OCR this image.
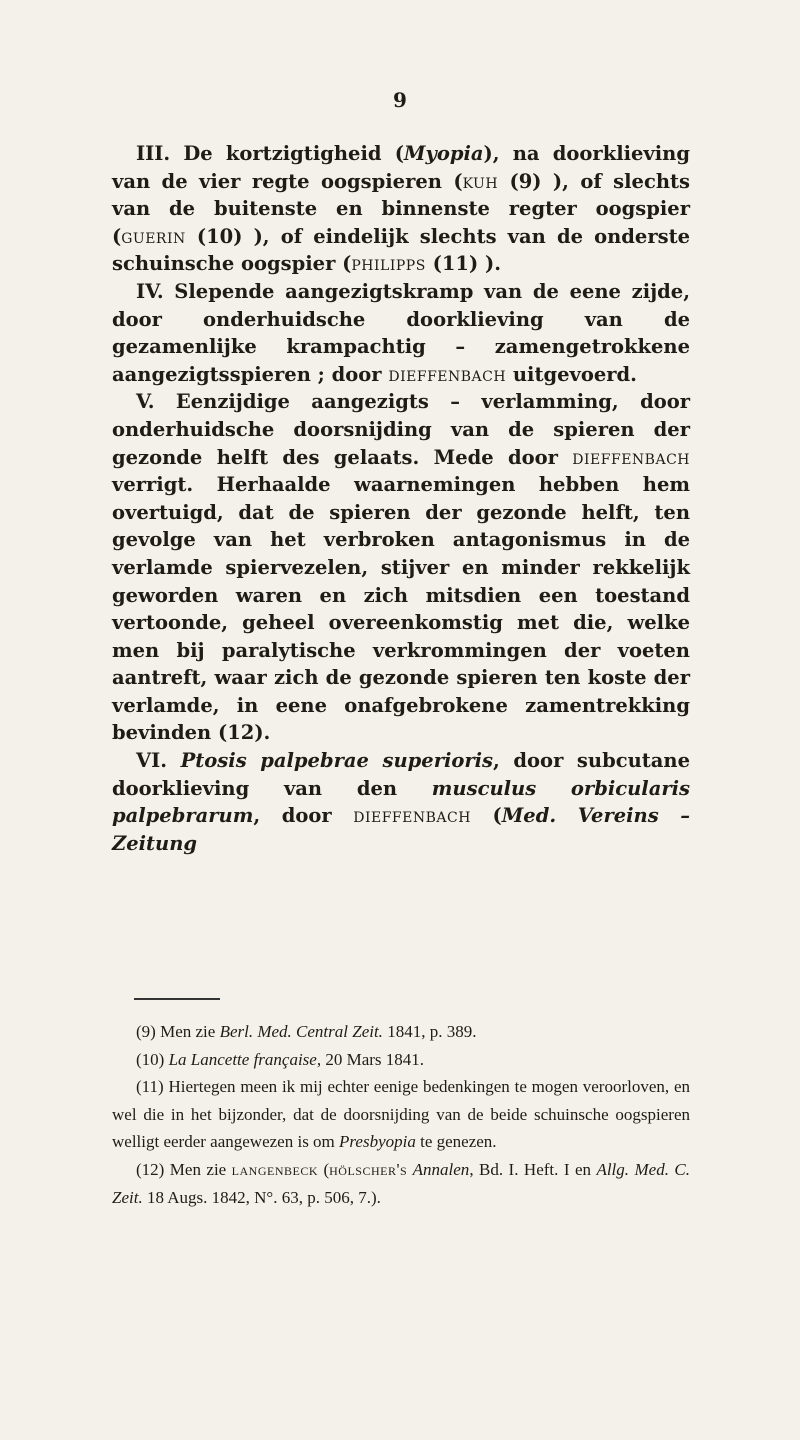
9

III. De kortzigtigheid (Myopia), na doorklieving van de vier regte oogspieren (kuh (9) ), of slechts van de buitenste en binnenste regter oogspier (guerin (10) ), of eindelijk slechts van de onderste schuinsche oogspier (philipps (11) ).

IV. Slepende aangezigtskramp van de eene zijde, door onderhuidsche doorklieving van de gezamenlijke krampachtig – zamengetrokkene aangezigtsspieren ; door dieffenbach uitgevoerd.

V. Eenzijdige aangezigts – verlamming, door onderhuidsche doorsnijding van de spieren der gezonde helft des gelaats. Mede door dieffenbach verrigt. Herhaalde waarnemingen hebben hem overtuigd, dat de spieren der gezonde helft, ten gevolge van het verbroken antagonismus in de verlamde spiervezelen, stijver en minder rekkelijk geworden waren en zich mitsdien een toestand vertoonde, geheel overeenkomstig met die, welke men bij paralytische verkrommingen der voeten aantreft, waar zich de gezonde spieren ten koste der verlamde, in eene onafgebrokene zamentrekking bevinden (12).

VI. Ptosis palpebrae superioris, door subcutane doorklieving van den musculus orbicularis palpebrarum, door dieffenbach (Med. Vereins – Zeitung

(9) Men zie Berl. Med. Central Zeit. 1841, p. 389.

(10) La Lancette française, 20 Mars 1841.

(11) Hiertegen meen ik mij echter eenige bedenkingen te mogen veroorloven, en wel die in het bijzonder, dat de doorsnijding van de beide schuinsche oogspieren welligt eerder aangewezen is om Presbyopia te genezen.

(12) Men zie langenbeck (hölscher's Annalen, Bd. I. Heft. I en Allg. Med. C. Zeit. 18 Augs. 1842, N°. 63, p. 506, 7.).
